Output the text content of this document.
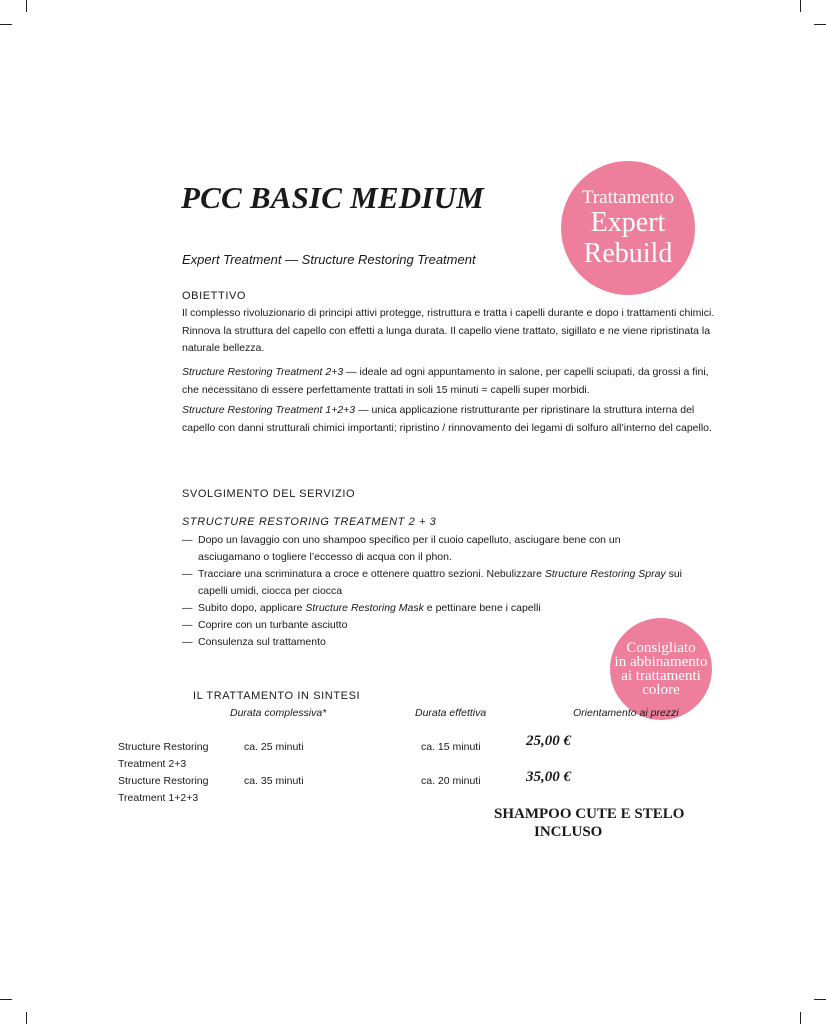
PCC BASIC MEDIUM	Trattamento
Expert
Rebuild
Expert Treatment — Structure Restoring Treatment
OBIETTIVO
Il complesso rivoluzionario di principi attivi protegge, ristruttura e tratta i capelli durante e dopo i trattamenti chimici. Rinnova la struttura del capello con effetti a lunga durata. Il capello viene trattato, sigillato e ne viene ripristinata la naturale bellezza.
Structure Restoring Treatment 2+3 — ideale ad ogni appuntamento in salone, per capelli sciupati, da grossi a fini, che necessitano di essere perfettamente trattati in soli 15 minuti = capelli super morbidi.
Structure Restoring Treatment 1+2+3 — unica applicazione ristrutturante per ripristinare la struttura interna del capello con danni strutturali chimici importanti; ripristino / rinnovamento dei legami di solfuro all’interno del capello.
SVOLGIMENTO DEL SERVIZIO
STRUCTURE RESTORING TREATMENT 2 + 3
— Dopo un lavaggio con uno shampoo specifico per il cuoio capelluto, asciugare bene con un asciugamano o togliere l’eccesso di acqua con il phon.
— Tracciare una scriminatura a croce e ottenere quattro sezioni. Nebulizzare Structure Restoring Spray sui capelli umidi, ciocca per ciocca
— Subito dopo, applicare Structure Restoring Mask e pettinare bene i capelli
— Coprire con un turbante asciutto
— Consulenza sul trattamento	Consigliato
in abbinamento
ai trattamenti
colore
IL TRATTAMENTO IN SINTESI
Durata complessiva*	Durata effettiva	Orientamento ai prezzi
Structure Restoring
Treatment 2+3
ca. 25 minuti	ca. 15 minuti	25,00 €
Structure Restoring
Treatment 1+2+3
ca. 35 minuti	ca. 20 minuti	35,00 €
SHAMPOO CUTE E STELO
INCLUSO
